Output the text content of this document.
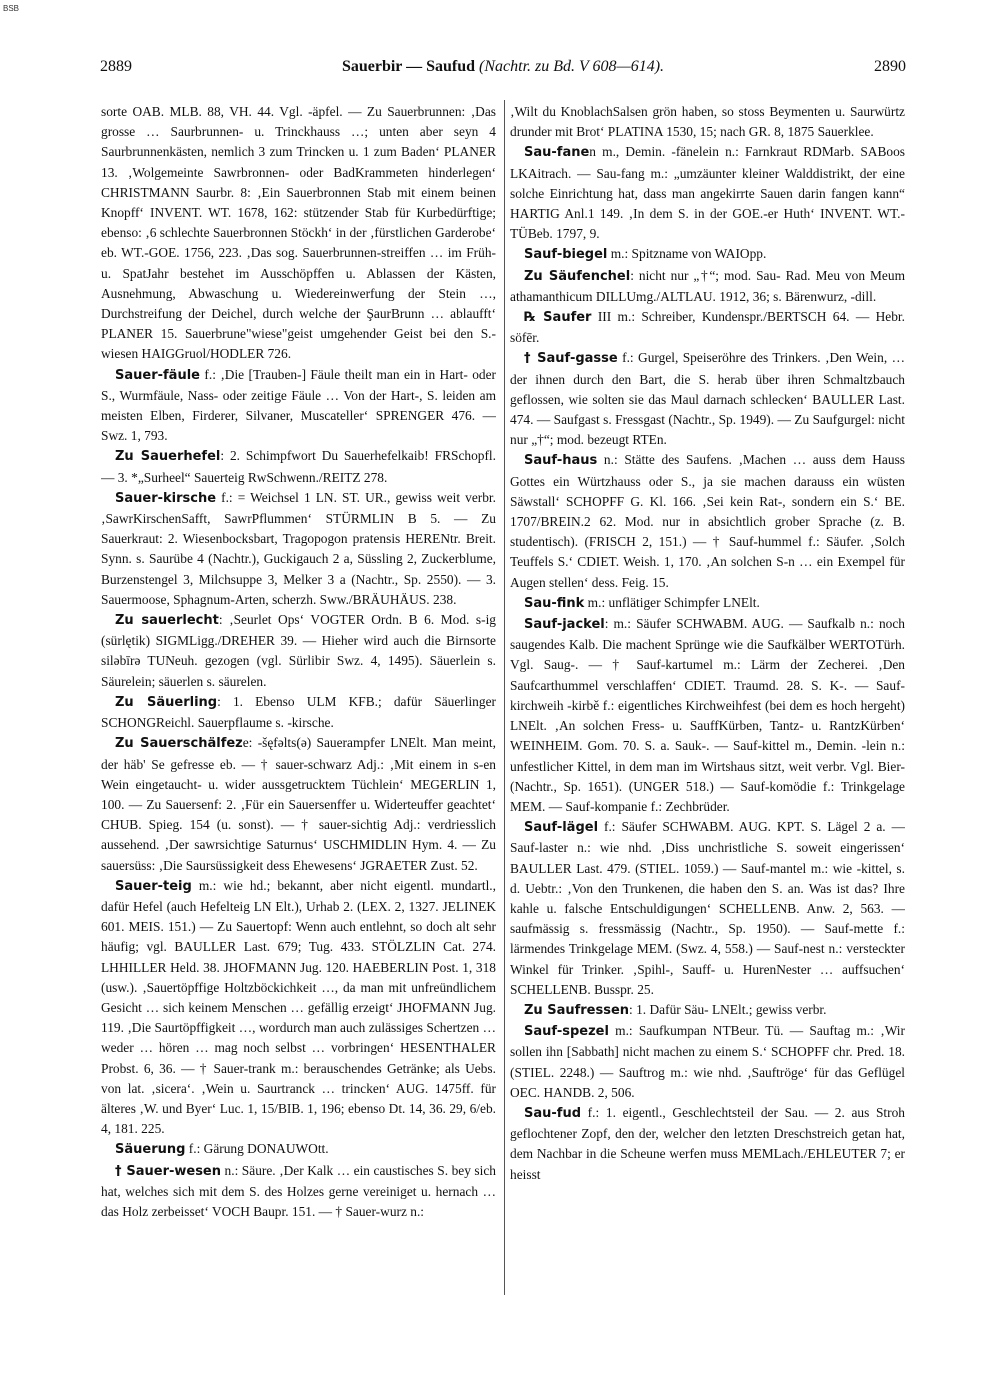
BSB
2889	Sauerbir — Saufud (Nachtr. zu Bd. V 608—614).	2890

sorte OAB. MLB. 88, VH. 44. Vgl. -äpfel. — Zu Sauerbrunnen: ‚Das grosse … Saurbrunnen- u. Trinckhauss …; unten aber seyn 4 Saurbrunnenkästen, nemlich 3 zum Trincken u. 1 zum Baden‘ PLANER 13. ‚Wolgemeinte Sawrbronnen- oder BadKrammeten hinderlegen‘ CHRISTMANN Saurbr. 8: ‚Ein Sauerbronnen Stab mit einem beinen Knopff‘ INVENT. WT. 1678, 162: stützender Stab für Kurbedürftige; ebenso: ‚6 schlechte Sauerbronnen Stöckh‘ in der ‚fürstlichen Garderobe‘ eb. WT.-GOE. 1756, 223. ‚Das sog. Sauerbrunnen-streiffen … im Früh- u. SpatJahr bestehet im Ausschöpffen u. Ablassen der Kästen, Ausnehmung, Abwaschung u. Wiedereinwerfung der Stein …, Durchstreifung der Deichel, durch welche der ŞaurBrunn … ablaufft‘ PLANER 15. Sauerbrune"wiese"geist umgehender Geist bei den S.-wiesen HAIGGruol/HODLER 726.

Sauer-fäule f.: ‚Die [Trauben-] Fäule theilt man ein in Hart- oder S., Wurmfäule, Nass- oder zeitige Fäule … Von der Hart-, S. leiden am meisten Elben, Firderer, Silvaner, Muscateller‘ SPRENGER 476. — Swz. 1, 793.

Zu Sauerhefel: 2. Schimpfwort Du Sauerhefelkaib! FRSchopfl. — 3. *„Surheel“ Sauerteig RwSchwenn./REITZ 278.

Sauer-kirsche f.: = Weichsel 1 LN. ST. UR., gewiss weit verbr. ‚SawrKirschenSafft, SawrPflummen‘ STÜRMLIN B 5. — Zu Sauerkraut: 2. Wiesenbocksbart, Tragopogon pratensis HERENtr. Breit. Synn. s. Saurübe 4 (Nachtr.), Guckigauch 2 a, Süssling 2, Zuckerblume, Burzenstengel 3, Milchsuppe 3, Melker 3 a (Nachtr., Sp. 2550). — 3. Sauermoose, Sphagnum-Arten, scherzh. Sww./BRÄUHÄUS. 238.

Zu sauerlecht: ‚Seurlet Ops‘ VOGTER Ordn. B 6. Mod. s-ig (sürlętik) SIGMLigg./DREHER 39. — Hieher wird auch die Birnsorte silǝbīrǝ TUNeuh. gezogen (vgl. Sürlibir Swz. 4, 1495). Säuerlein s. Säurelein; säuerlen s. säurelen.

Zu Säuerling: 1. Ebenso ULM KFB.; dafür Säuerlinger SCHONGReichl. Sauerpflaume s. -kirsche.

Zu Sauerschälfeze: -šęfǝlts(ǝ) Sauerampfer LNElt. Man meint, der häb' Se gefresse eb. — † sauer-schwarz Adj.: ‚Mit einem in s-en Wein eingetaucht- u. wider aussgetrucktem Tüchlein‘ MEGERLIN 1, 100. — Zu Sauersenf: 2. ‚Für ein Sauersenffer u. Widerteuffer geachtet‘ CHUB. Spieg. 154 (u. sonst). — † sauer-sichtig Adj.: verdriesslich aussehend. ‚Der sawrsichtige Saturnus‘ USCHMIDLIN Hym. 4. — Zu sauersüss: ‚Die Saursüssigkeit dess Ehewesens‘ JGRAETER Zust. 52.

Sauer-teig m.: wie hd.; bekannt, aber nicht eigentl. mundartl., dafür Hefel (auch Hefelteig LN Elt.), Urhab 2. (LEX. 2, 1327. JELINEK 601. MEIS. 151.) — Zu Sauertopf: Wenn auch entlehnt, so doch alt sehr häufig; vgl. BAULLER Last. 679; Tug. 433. STÖLZLIN Cat. 274. LHHILLER Held. 38. JHOFMANN Jug. 120. HAEBERLIN Post. 1, 318 (usw.). ‚Sauertöpffige Holtzböckichkeit …, da man mit unfreündlichem Gesicht … sich keinem Menschen … gefällig erzeigt‘ JHOFMANN Jug. 119. ‚Die Saurtöpffigkeit …, wordurch man auch zulässiges Schertzen … weder … hören … mag noch selbst … vorbringen‘ HESENTHALER Probst. 6, 36. — † Sauer-trank m.: berauschendes Getränke; als Uebs. von lat. ‚sicera‘. ‚Wein u. Saurtranck … trincken‘ AUG. 1475ff. für älteres ‚W. und Byer‘ Luc. 1, 15/BIB. 1, 196; ebenso Dt. 14, 36. 29, 6/eb. 4, 181. 225.

Säuerung f.: Gärung DONAUWOtt.

† Sauer-wesen n.: Säure. ‚Der Kalk … ein caustisches S. bey sich hat, welches sich mit dem S. des Holzes gerne vereiniget u. hernach … das Holz zerbeisset‘ VOCH Baupr. 151. — † Sauer-wurz n.:

‚Wilt du KnoblachSalsen grön haben, so stoss Beymenten u. Saurwürtz drunder mit Brot‘ PLATINA 1530, 15; nach GR. 8, 1875 Sauerklee.

Sau-fanen m., Demin. -fänelein n.: Farnkraut RDMarb. SABoos LKAitrach. — Sau-fang m.: „umzäunter kleiner Walddistrikt, der eine solche Einrichtung hat, dass man angekirrte Sauen darin fangen kann“ HARTIG Anl.1 149. ‚In dem S. in der GOE.-er Huth‘ INVENT. WT.-TÜBeb. 1797, 9.

Sauf-biegel m.: Spitzname von WAIOpp.

Zu Säufenchel: nicht nur „†“; mod. Sau- Rad. Meu von Meum athamanthicum DILLUmg./ALTLAU. 1912, 36; s. Bärenwurz, -dill.

℞ Saufer III m.: Schreiber, Kundenspr./BERTSCH 64. — Hebr. söfēr.

† Sauf-gasse f.: Gurgel, Speiseröhre des Trinkers. ‚Den Wein, … der ihnen durch den Bart, die S. herab über ihren Schmaltzbauch geflossen, wie solten sie das Maul darnach schlecken‘ BAULLER Last. 474. — Saufgast s. Fressgast (Nachtr., Sp. 1949). — Zu Saufgurgel: nicht nur „†“; mod. bezeugt RTEn.

Sauf-haus n.: Stätte des Saufens. ‚Machen … auss dem Hauss Gottes ein Würtzhauss oder S., ja sie machen darauss ein wüsten Säwstall‘ SCHOPFF G. Kl. 166. ‚Sei kein Rat-, sondern ein S.‘ BE. 1707/BREIN.2 62. Mod. nur in absichtlich grober Sprache (z. B. studentisch). (FRISCH 2, 151.) — † Sauf-hummel f.: Säufer. ‚Solch Teuffels S.‘ CDIET. Weish. 1, 170. ‚An solchen S-n … ein Exempel für Augen stellen‘ dess. Feig. 15.

Sau-fink m.: unflätiger Schimpfer LNElt.

Sauf-jackel: m.: Säufer SCHWABM. AUG. — Saufkalb n.: noch saugendes Kalb. Die machent Sprünge wie die Saufkälber WERTOTürh. Vgl. Saug-. — † Sauf-kartumel m.: Lärm der Zecherei. ‚Den Saufcarthummel verschlaffen‘ CDIET. Traumd. 28. S. K-. — Sauf-kirchweih -kirbě f.: eigentliches Kirchweihfest (bei dem es hoch hergeht) LNElt. ‚An solchen Fress- u. SauffKürben, Tantz- u. RantzKürben‘ WEINHEIM. Gom. 70. S. a. Sauk-. — Sauf-kittel m., Demin. -lein n.: unfestlicher Kittel, in dem man im Wirtshaus sitzt, weit verbr. Vgl. Bier- (Nachtr., Sp. 1651). (UNGER 518.) — Sauf-komödie f.: Trinkgelage MEM. — Sauf-kompanie f.: Zechbrüder.

Sauf-lägel f.: Säufer SCHWABM. AUG. KPT. S. Lägel 2 a. — Sauf-laster n.: wie nhd. ‚Diss unchristliche S. soweit eingerissen‘ BAULLER Last. 479. (STIEL. 1059.) — Sauf-mantel m.: wie -kittel, s. d. Uebtr.: ‚Von den Trunkenen, die haben den S. an. Was ist das? Ihre kahle u. falsche Entschuldigungen‘ SCHELLENB. Anw. 2, 563. — saufmässig s. fressmässig (Nachtr., Sp. 1950). — Sauf-mette f.: lärmendes Trinkgelage MEM. (Swz. 4, 558.) — Sauf-nest n.: versteckter Winkel für Trinker. ‚Spihl-, Sauff- u. HurenNester … auffsuchen‘ SCHELLENB. Busspr. 25.

Zu Saufressen: 1. Dafür Säu- LNElt.; gewiss verbr.

Sauf-spezel m.: Saufkumpan NTBeur. Tü. — Sauftag m.: ‚Wir sollen ihn [Sabbath] nicht machen zu einem S.‘ SCHOPFF chr. Pred. 18. (STIEL. 2248.) — Sauftrog m.: wie nhd. ‚Sauftröge‘ für das Geflügel OEC. HANDB. 2, 506.

Sau-fud f.: 1. eigentl., Geschlechtsteil der Sau. — 2. aus Stroh geflochtener Zopf, den der, welcher den letzten Dreschstreich getan hat, dem Nachbar in die Scheune werfen muss MEMLach./EHLEUTER 7; er heisst
